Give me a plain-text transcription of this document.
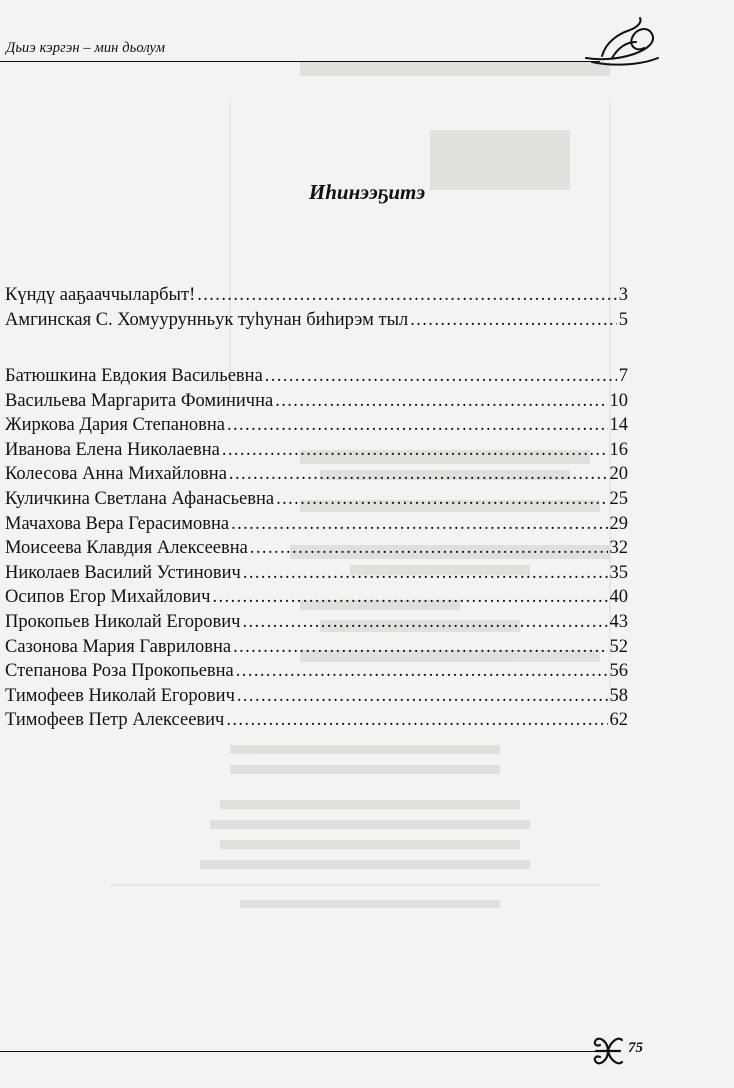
Дьиэ кэргэн – мин дьолум
Иһинээҕитэ
Күндү ааҕааччыларбыт! .....	3
Амгинская С. Хомуурунньук туһунан биһирэм тыл .....	5
Батюшкина Евдокия Васильевна .....	7
Васильева Маргарита Фоминична .....	10
Жиркова Дария Степановна .....	14
Иванова Елена Николаевна .....	16
Колесова Анна Михайловна .....	20
Куличкина Светлана Афанасьевна .....	25
Мачахова Вера Герасимовна .....	29
Моисеева Клавдия Алексеевна .....	32
Николаев Василий Устинович .....	35
Осипов Егор Михайлович .....	40
Прокопьев Николай Егорович .....	43
Сазонова Мария Гавриловна .....	52
Степанова Роза Прокопьевна .....	56
Тимофеев Николай Егорович .....	58
Тимофеев Петр Алексеевич .....	62
75
